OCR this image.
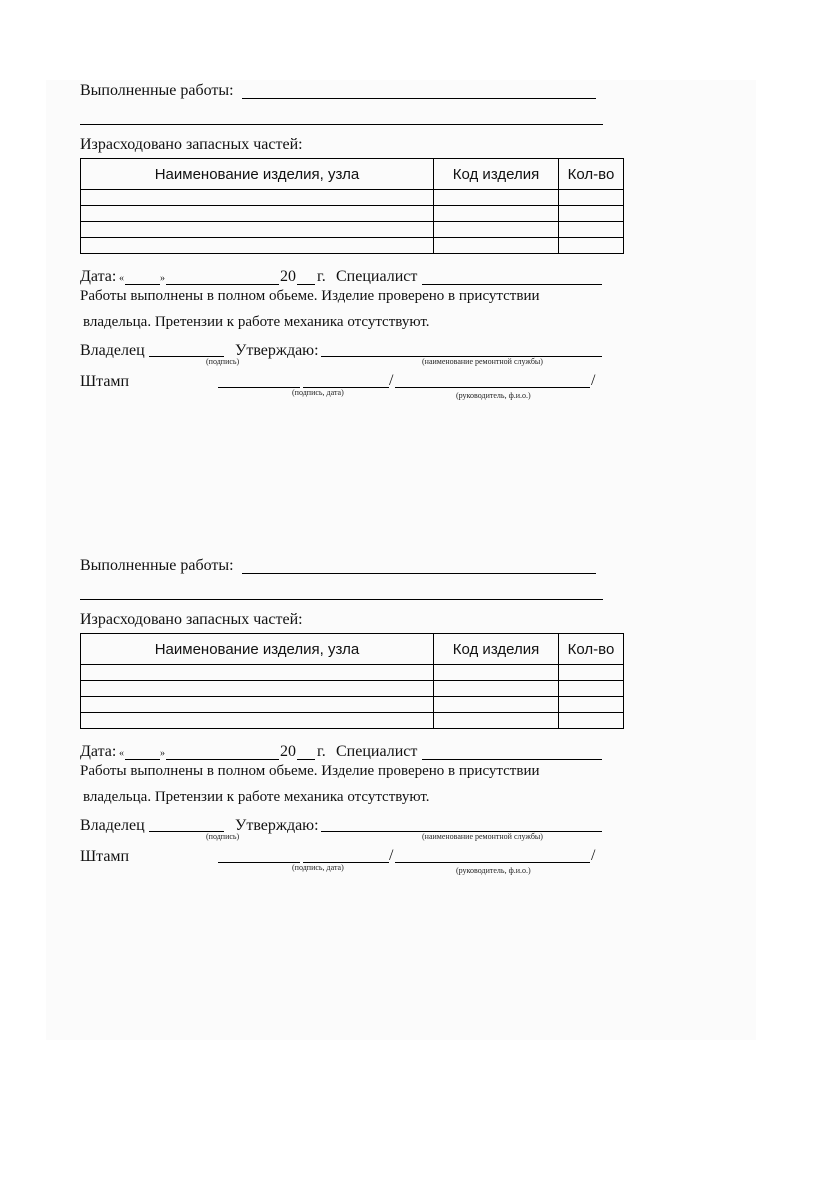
Выполненные работы:
Израсходовано запасных частей:
Наименование изделия, узла	Код изделия	Кол-во

Дата: «	»	20 г. Специалист
Работы выполнены в полном обьеме. Изделие проверено в присутствии
владельца. Претензии к работе механика отсутствуют.
Владелец
(подпись)
Утверждаю:
(наименование ремонтной службы)
Штамп	/	/
(подпись, дата)	(руководитель, ф.и.о.)
Выполненные работы:
Израсходовано запасных частей:
Наименование изделия, узла	Код изделия	Кол-во

Дата: «	»	20 г. Специалист
Работы выполнены в полном обьеме. Изделие проверено в присутствии
владельца. Претензии к работе механика отсутствуют.
Владелец
(подпись)
Утверждаю:
(наименование ремонтной службы)
Штамп	/	/
(подпись, дата)	(руководитель, ф.и.о.)
